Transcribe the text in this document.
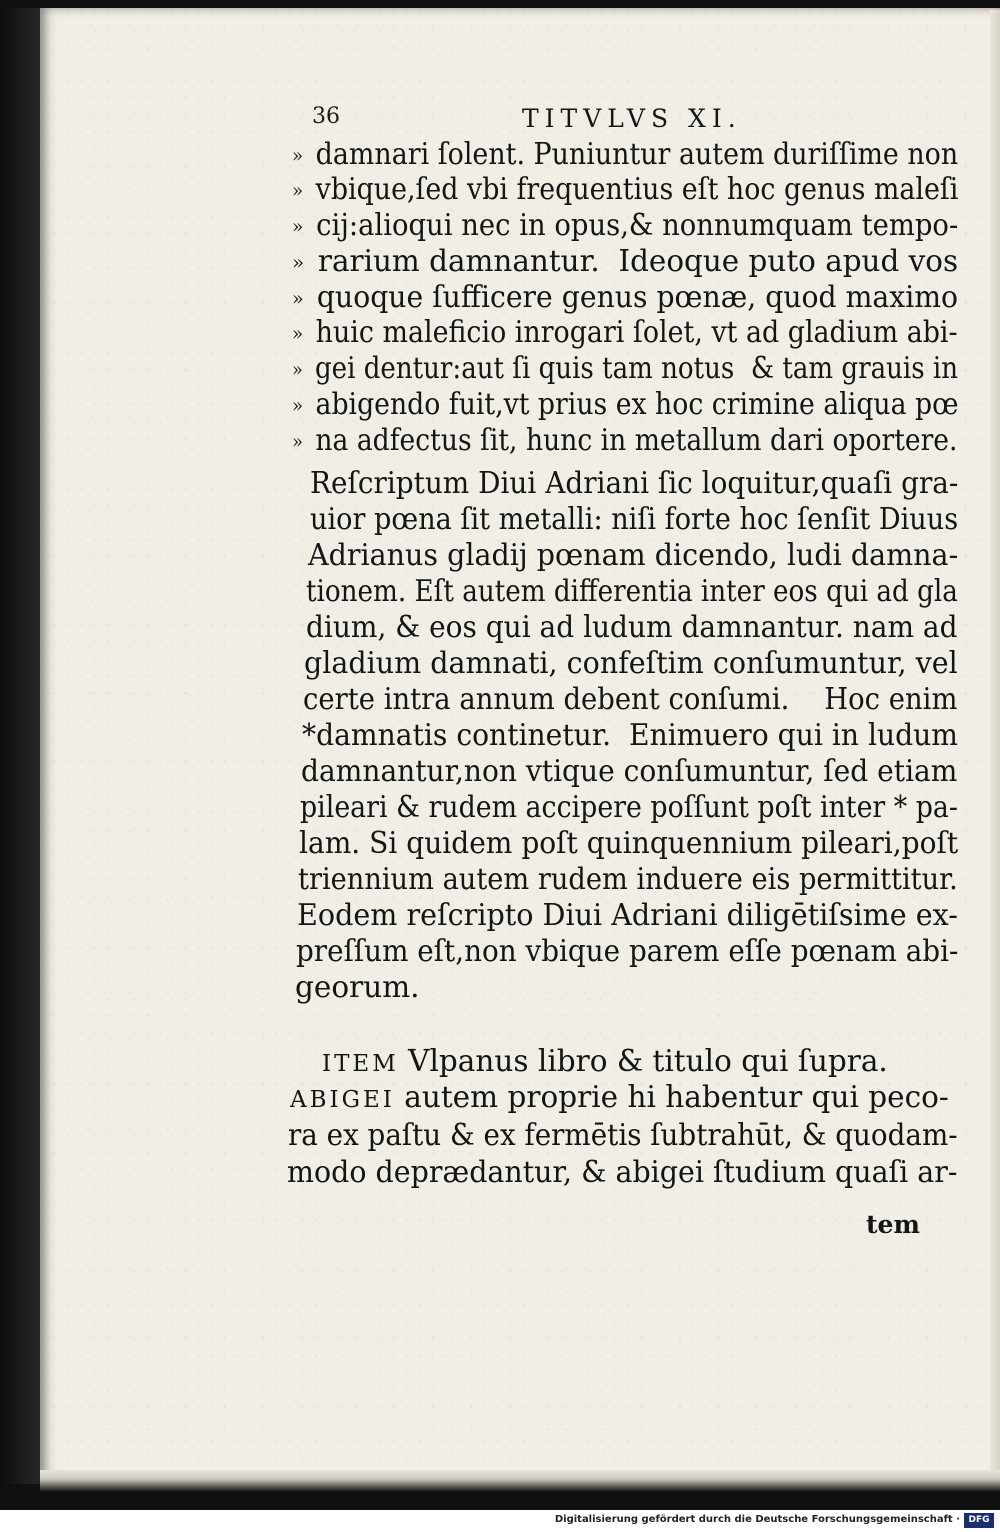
36	TITVLVS XI.
» damnari ſolent. Puniuntur autem duriſſime non
» vbique,ſed vbi frequentius eſt hoc genus maleſi
» cij:alioqui nec in opus,& nonnumquam tempo-
» rarium damnantur.  Ideoque puto apud vos
» quoque ſufficere genus pœnæ, quod maximo
» huic maleficio inrogari ſolet, vt ad gladium abi-
» gei dentur:aut ſi quis tam notus  & tam grauis in
» abigendo fuit,vt prius ex hoc crimine aliqua pœ
» na adfectus ſit, hunc in metallum dari oportere.
Reſcriptum Diui Adriani ſic loquitur,quaſi gra-
uior pœna ſit metalli: niſi forte hoc ſenſit Diuus
Adrianus gladij pœnam dicendo, ludi damna-
tionem. Eſt autem differentia inter eos qui ad gla
dium, & eos qui ad ludum damnantur. nam ad
gladium damnati, confeſtim conſumuntur, vel
certe intra annum debent conſumi.    Hoc enim
*damnatis continetur.  Enimuero qui in ludum
damnantur,non vtique conſumuntur, ſed etiam
pileari & rudem accipere poſſunt poſt inter * pa-
lam. Si quidem poſt quinquennium pileari,poſt
triennium autem rudem induere eis permittitur.
Eodem reſcripto Diui Adriani diligētiſsime ex-
preſſum eſt,non vbique parem eſſe pœnam abi-
georum.
ITEM Vlpanus libro & titulo qui ſupra.
ABIGEI autem proprie hi habentur qui peco-
ra ex paſtu & ex fermētis ſubtrahūt, & quodam-
modo deprædantur, & abigei ſtudium quaſi ar-
tem
Digitalisierung gefördert durch die Deutsche Forschungsgemeinschaft · DFG
